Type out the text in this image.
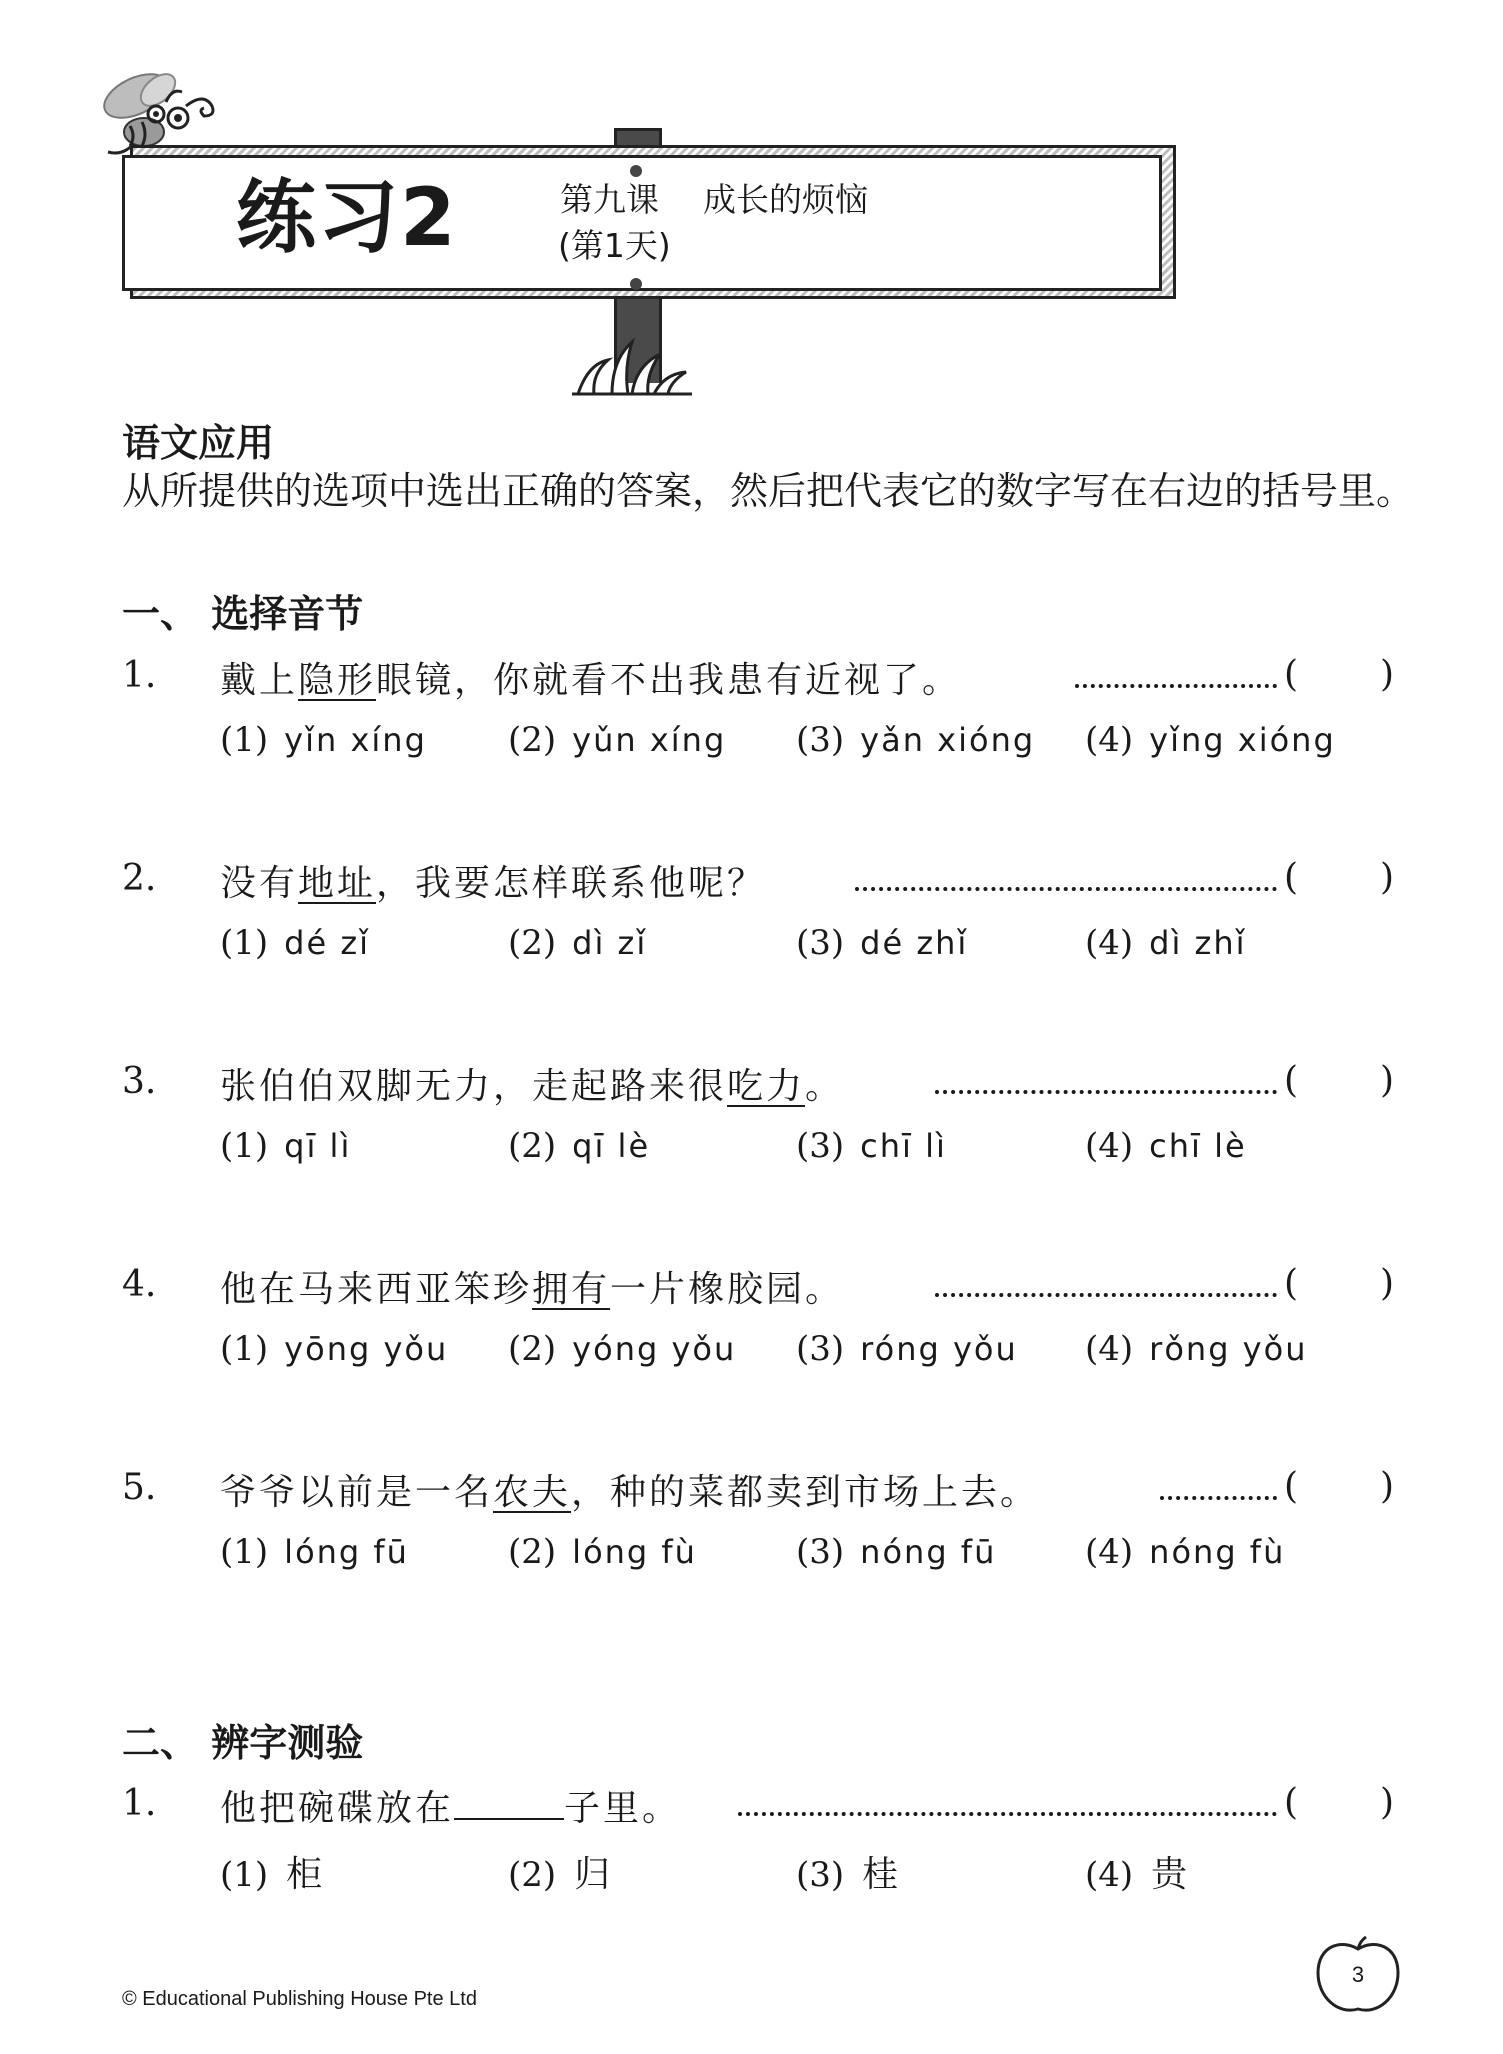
练习2	第九课 成长的烦恼
(第1天)
语文应用
从所提供的选项中选出正确的答案，然后把代表它的数字写在右边的括号里。
一、 选择音节
1. 戴上隐形眼镜，你就看不出我患有近视了。	( )
(1) yǐn xíng (2) yǔn xíng (3) yǎn xióng (4) yǐng xióng
2. 没有地址，我要怎样联系他呢？	( )
(1) dé zǐ	(2) dì zǐ	(3) dé zhǐ	(4) dì zhǐ
3. 张伯伯双脚无力，走起路来很吃力。	( )
(1) qī lì	(2) qī lè	(3) chī lì	(4) chī lè
4. 他在马来西亚笨珍拥有一片橡胶园。	( )
(1) yōng yǒu (2) yóng yǒu (3) róng yǒu (4) rǒng yǒu
5. 爷爷以前是一名农夫，种的菜都卖到市场上去。	( )
(1) lóng fū	(2) lóng fù	(3) nóng fū	(4) nóng fù
二、 辨字测验
1. 他把碗碟放在	子里。	( )
(1) 柜	(2) 归	(3) 桂	(4) 贵
© Educational Publishing House Pte Ltd
3
